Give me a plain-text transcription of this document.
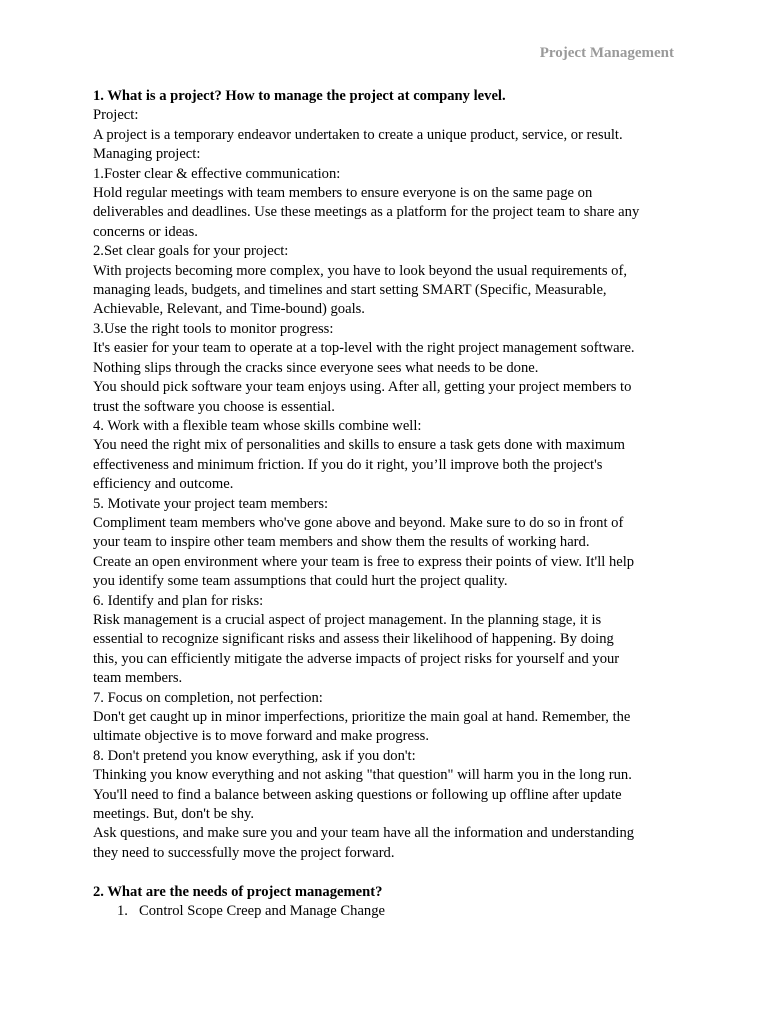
Project Management
1. What is a project? How to manage the project at company level.
Project:
A project is a temporary endeavor undertaken to create a unique product, service, or result.
Managing project:
1.Foster clear & effective communication:
Hold regular meetings with team members to ensure everyone is on the same page on
deliverables and deadlines. Use these meetings as a platform for the project team to share any
concerns or ideas.
2.Set clear goals for your project:
With projects becoming more complex, you have to look beyond the usual requirements of,
managing leads, budgets, and timelines and start setting SMART (Specific, Measurable,
Achievable, Relevant, and Time-bound) goals.
3.Use the right tools to monitor progress:
It's easier for your team to operate at a top-level with the right project management software.
Nothing slips through the cracks since everyone sees what needs to be done.
You should pick software your team enjoys using. After all, getting your project members to
trust the software you choose is essential.
4. Work with a flexible team whose skills combine well:
You need the right mix of personalities and skills to ensure a task gets done with maximum
effectiveness and minimum friction. If you do it right, you’ll improve both the project's
efficiency and outcome.
5. Motivate your project team members:
Compliment team members who've gone above and beyond. Make sure to do so in front of
your team to inspire other team members and show them the results of working hard.
Create an open environment where your team is free to express their points of view. It'll help
you identify some team assumptions that could hurt the project quality.
6. Identify and plan for risks:
Risk management is a crucial aspect of project management. In the planning stage, it is
essential to recognize significant risks and assess their likelihood of happening. By doing
this, you can efficiently mitigate the adverse impacts of project risks for yourself and your
team members.
7. Focus on completion, not perfection:
Don't get caught up in minor imperfections, prioritize the main goal at hand. Remember, the
ultimate objective is to move forward and make progress.
8. Don't pretend you know everything, ask if you don't:
Thinking you know everything and not asking "that question" will harm you in the long run.
You'll need to find a balance between asking questions or following up offline after update
meetings. But, don't be shy.
Ask questions, and make sure you and your team have all the information and understanding
they need to successfully move the project forward.
2. What are the needs of project management?
1. Control Scope Creep and Manage Change
